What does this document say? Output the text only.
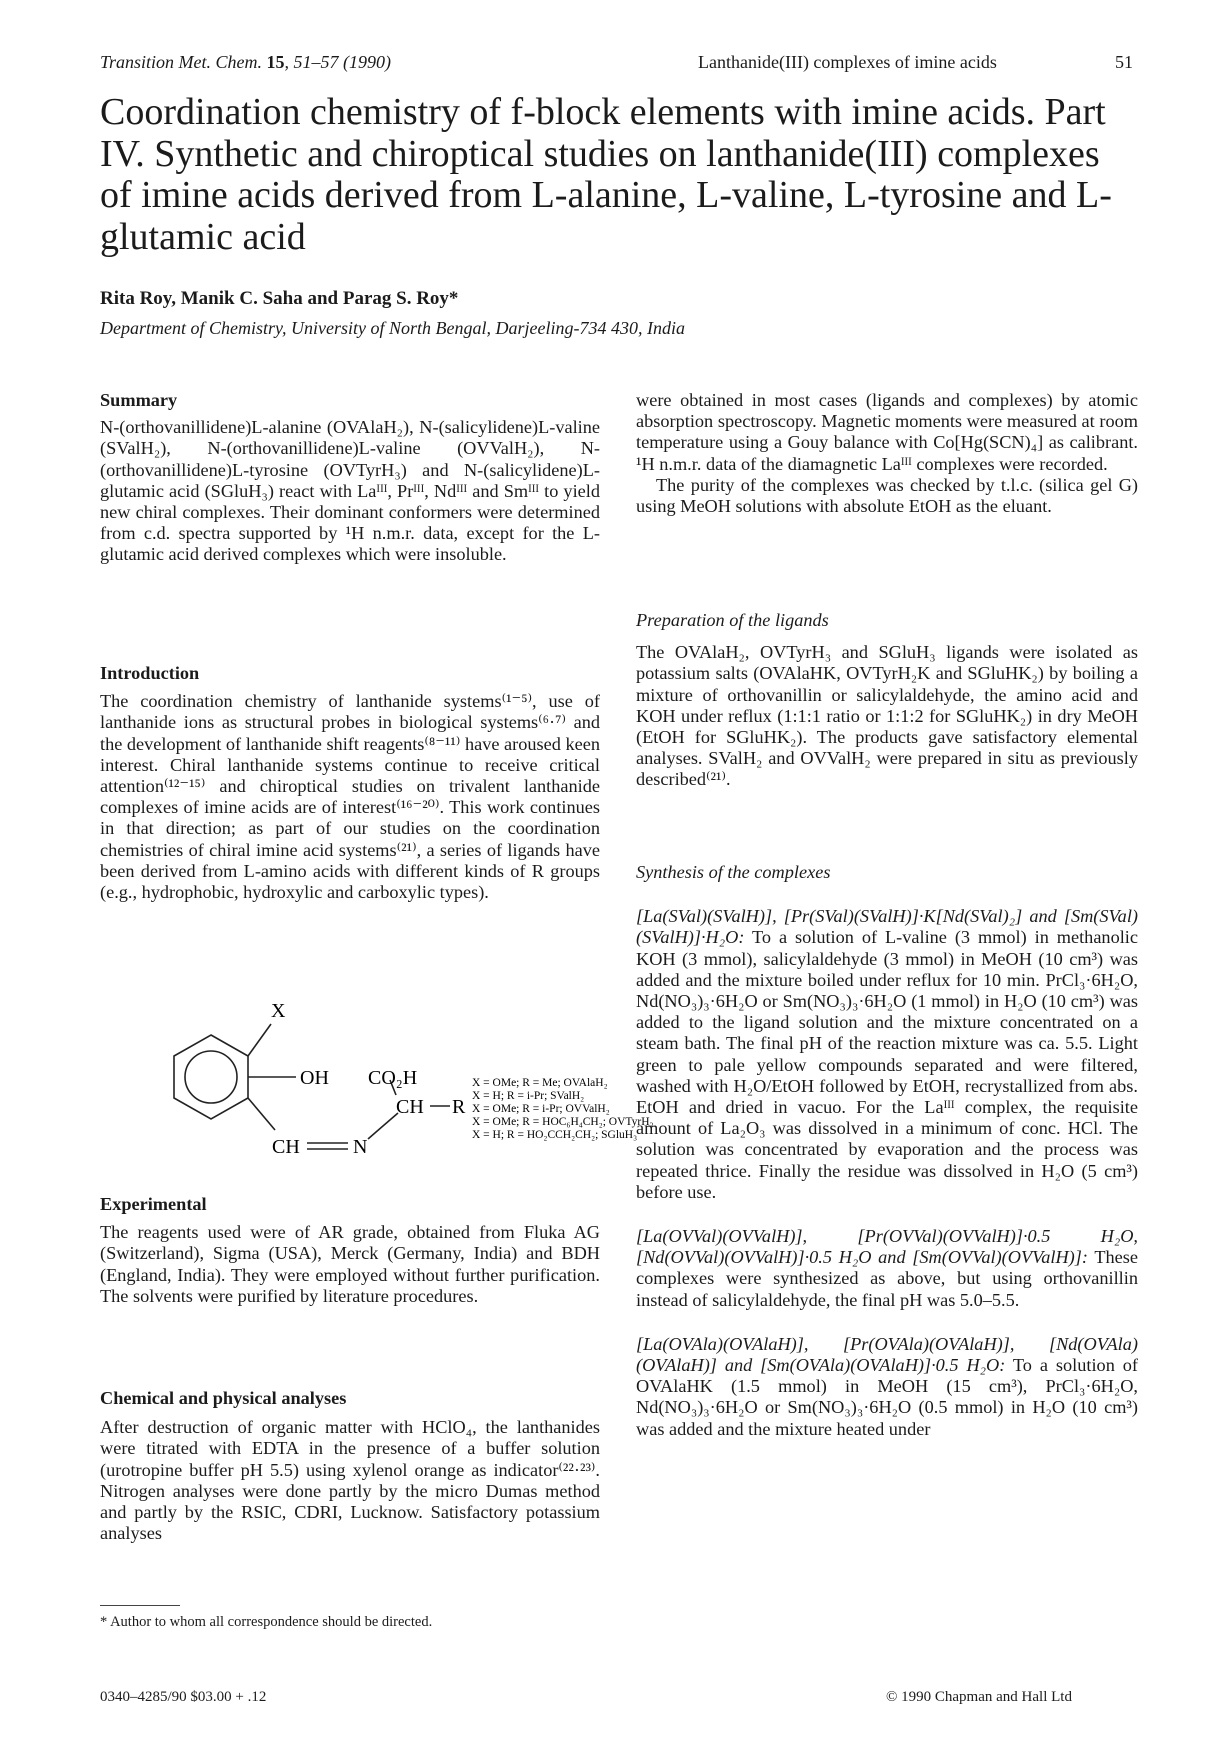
Transition Met. Chem. 15, 51–57 (1990)	Lanthanide(III) complexes of imine acids	51
Coordination chemistry of f-block elements with imine acids. Part IV. Synthetic and chiroptical studies on lanthanide(III) complexes of imine acids derived from L-alanine, L-valine, L-tyrosine and L-glutamic acid
Rita Roy, Manik C. Saha and Parag S. Roy*
Department of Chemistry, University of North Bengal, Darjeeling-734 430, India
Summary

N-(orthovanillidene)L-alanine (OVAlaH₂), N-(salicylidene)L-valine (SValH₂), N-(orthovanillidene)L-valine (OVValH₂), N-(orthovanillidene)L-tyrosine (OVTyrH₃) and N-(salicylidene)L-glutamic acid (SGluH₃) react with Laᴵᴵᴵ, Prᴵᴵᴵ, Ndᴵᴵᴵ and Smᴵᴵᴵ to yield new chiral complexes. Their dominant conformers were determined from c.d. spectra supported by ¹H n.m.r. data, except for the L-glutamic acid derived complexes which were insoluble.

Introduction

The coordination chemistry of lanthanide systems⁽¹⁻⁵⁾, use of lanthanide ions as structural probes in biological systems⁽⁶·⁷⁾ and the development of lanthanide shift reagents⁽⁸⁻¹¹⁾ have aroused keen interest. Chiral lanthanide systems continue to receive critical attention⁽¹²⁻¹⁵⁾ and chiroptical studies on trivalent lanthanide complexes of imine acids are of interest⁽¹⁶⁻²⁰⁾. This work continues in that direction; as part of our studies on the coordination chemistries of chiral imine acid systems⁽²¹⁾, a series of ligands have been derived from L-amino acids with different kinds of R groups (e.g., hydrophobic, hydroxylic and carboxylic types).

X
OH
CH	N
CH
CO₂H
R
X = OMe; R = Me; OVAlaH₂
X = H; R = i-Pr; SValH₂
X = OMe; R = i-Pr; OVValH₂
X = OMe; R = HOC₆H₄CH₂; OVTyrH₃
X = H; R = HO₂CCH₂CH₂; SGluH₃
Experimental

The reagents used were of AR grade, obtained from Fluka AG (Switzerland), Sigma (USA), Merck (Germany, India) and BDH (England, India). They were employed without further purification. The solvents were purified by literature procedures.

Chemical and physical analyses

After destruction of organic matter with HClO₄, the lanthanides were titrated with EDTA in the presence of a buffer solution (urotropine buffer pH 5.5) using xylenol orange as indicator⁽²²·²³⁾. Nitrogen analyses were done partly by the micro Dumas method and partly by the RSIC, CDRI, Lucknow. Satisfactory potassium analyses

* Author to whom all correspondence should be directed.

were obtained in most cases (ligands and complexes) by atomic absorption spectroscopy. Magnetic moments were measured at room temperature using a Gouy balance with Co[Hg(SCN)₄] as calibrant. ¹H n.m.r. data of the diamagnetic Laᴵᴵᴵ complexes were recorded.

The purity of the complexes was checked by t.l.c. (silica gel G) using MeOH solutions with absolute EtOH as the eluant.

Preparation of the ligands

The OVAlaH₂, OVTyrH₃ and SGluH₃ ligands were isolated as potassium salts (OVAlaHK, OVTyrH₂K and SGluHK₂) by boiling a mixture of orthovanillin or salicylaldehyde, the amino acid and KOH under reflux (1:1:1 ratio or 1:1:2 for SGluHK₂) in dry MeOH (EtOH for SGluHK₂). The products gave satisfactory elemental analyses. SValH₂ and OVValH₂ were prepared in situ as previously described⁽²¹⁾.

Synthesis of the complexes

[La(SVal)(SValH)], [Pr(SVal)(SValH)]·K[Nd(SVal)₂] and [Sm(SVal)(SValH)]·H₂O: To a solution of L-valine (3 mmol) in methanolic KOH (3 mmol), salicylaldehyde (3 mmol) in MeOH (10 cm³) was added and the mixture boiled under reflux for 10 min. PrCl₃·6H₂O, Nd(NO₃)₃·6H₂O or Sm(NO₃)₃·6H₂O (1 mmol) in H₂O (10 cm³) was added to the ligand solution and the mixture concentrated on a steam bath. The final pH of the reaction mixture was ca. 5.5. Light green to pale yellow compounds separated and were filtered, washed with H₂O/EtOH followed by EtOH, recrystallized from abs. EtOH and dried in vacuo. For the Laᴵᴵᴵ complex, the requisite amount of La₂O₃ was dissolved in a minimum of conc. HCl. The solution was concentrated by evaporation and the process was repeated thrice. Finally the residue was dissolved in H₂O (5 cm³) before use.

[La(OVVal)(OVValH)], [Pr(OVVal)(OVValH)]·0.5 H₂O, [Nd(OVVal)(OVValH)]·0.5 H₂O and [Sm(OVVal)(OVValH)]: These complexes were synthesized as above, but using orthovanillin instead of salicylaldehyde, the final pH was 5.0–5.5.

[La(OVAla)(OVAlaH)], [Pr(OVAla)(OVAlaH)], [Nd(OVAla)(OVAlaH)] and [Sm(OVAla)(OVAlaH)]·0.5 H₂O: To a solution of OVAlaHK (1.5 mmol) in MeOH (15 cm³), PrCl₃·6H₂O, Nd(NO₃)₃·6H₂O or Sm(NO₃)₃·6H₂O (0.5 mmol) in H₂O (10 cm³) was added and the mixture heated under

0340–4285/90 $03.00 + .12	© 1990 Chapman and Hall Ltd
